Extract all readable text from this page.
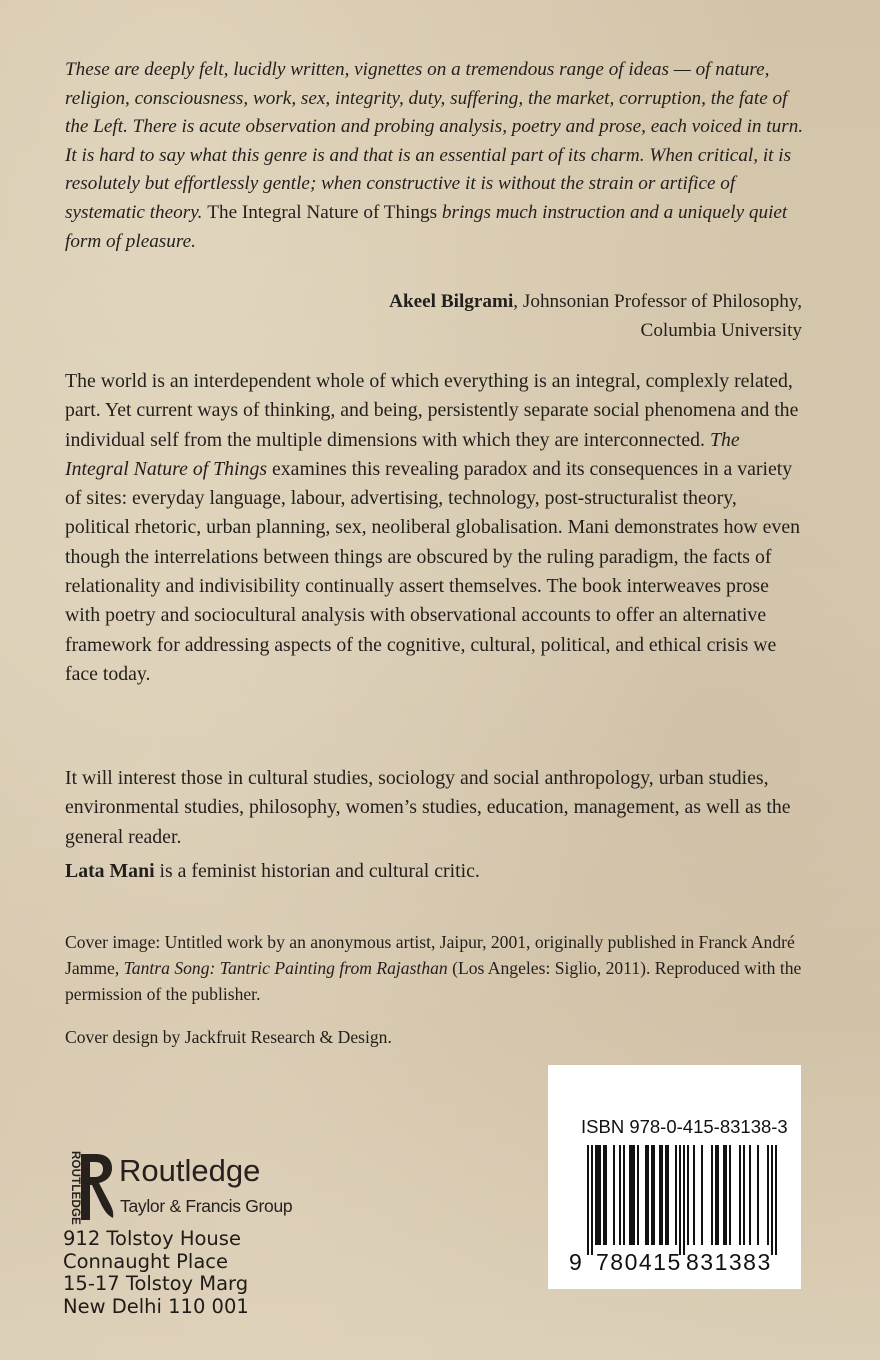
These are deeply felt, lucidly written, vignettes on a tremendous range of ideas — of nature, religion, consciousness, work, sex, integrity, duty, suffering, the market, corruption, the fate of the Left. There is acute observation and probing analysis, poetry and prose, each voiced in turn. It is hard to say what this genre is and that is an essential part of its charm. When critical, it is resolutely but effortlessly gentle; when constructive it is without the strain or artifice of systematic theory. The Integral Nature of Things brings much instruction and a uniquely quiet form of pleasure.
Akeel Bilgrami, Johnsonian Professor of Philosophy,
Columbia University
The world is an interdependent whole of which everything is an integral, complexly related, part. Yet current ways of thinking, and being, persistently separate social phenomena and the individual self from the multiple dimensions with which they are interconnected. The Integral Nature of Things examines this revealing paradox and its consequences in a variety of sites: everyday language, labour, advertising, technology, post-structuralist theory, political rhetoric, urban planning, sex, neoliberal globalisation. Mani demonstrates how even though the interrelations between things are obscured by the ruling paradigm, the facts of relationality and indivisibility continually assert themselves. The book interweaves prose with poetry and sociocultural analysis with observational accounts to offer an alternative framework for addressing aspects of the cognitive, cultural, political, and ethical crisis we face today.
It will interest those in cultural studies, sociology and social anthropology, urban studies, environmental studies, philosophy, women’s studies, education, management, as well as the general reader.
Lata Mani is a feminist historian and cultural critic.
Cover image: Untitled work by an anonymous artist, Jaipur, 2001, originally published in Franck André Jamme, Tantra Song: Tantric Painting from Rajasthan (Los Angeles: Siglio, 2011). Reproduced with the permission of the publisher.
Cover design by Jackfruit Research & Design.
ROUTLEDGE Routledge
Taylor & Francis Group
912 Tolstoy House
Connaught Place
15-17 Tolstoy Marg
New Delhi 110 001
ISBN 978-0-415-83138-3
9 780415 831383
